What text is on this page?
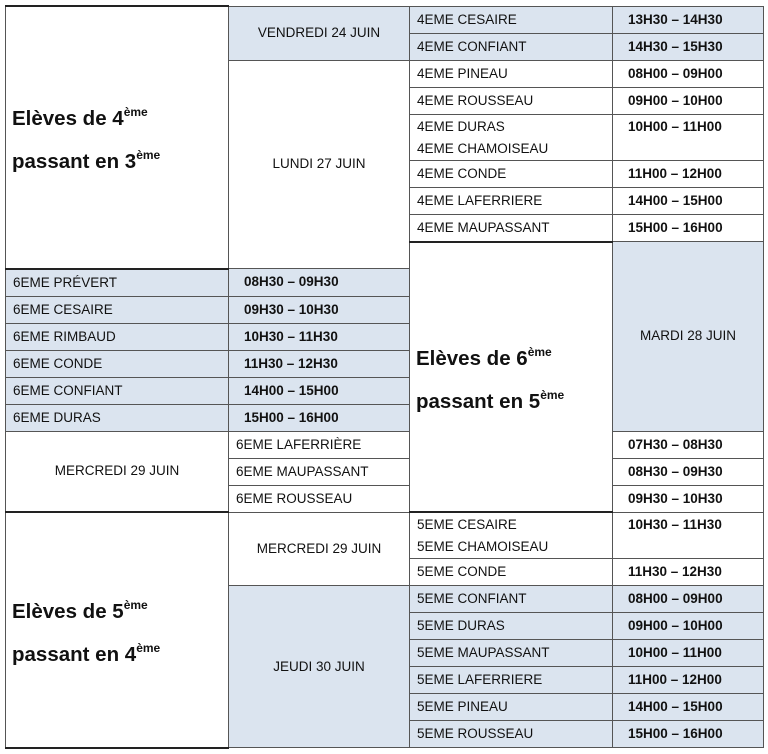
Elèves de 4ème
passant en 3ème	VENDREDI 24 JUIN	4EME CESAIRE	13H30 – 14H30	
		4EME CONFIANT	14H30 – 15H30	
	LUNDI 27 JUIN	4EME PINEAU	08H00 – 09H00	
		4EME ROUSSEAU	09H00 – 10H00	
		4EME DURAS
4EME CHAMOISEAU	10H00 – 11H00	
		4EME CONDE	11H00 – 12H00	
		4EME LAFERRIERE	14H00 – 15H00	
		4EME MAUPASSANT	15H00 – 16H00	
		Elèves de 6ème
passant en 5ème	MARDI 28 JUIN		
6EME PRÉVERT	08H30 – 09H30			
6EME CESAIRE	09H30 – 10H30			
6EME RIMBAUD	10H30 – 11H30			
6EME CONDE	11H30 – 12H30			
6EME CONFIANT	14H00 – 15H00			
6EME DURAS	15H00 – 16H00			
MERCREDI 29 JUIN	6EME LAFERRIÈRE		07H30 – 08H30	
	6EME MAUPASSANT		08H30 – 09H30	
	6EME ROUSSEAU		09H30 – 10H30	
Elèves de 5ème
passant en 4ème	MERCREDI 29 JUIN	5EME CESAIRE
5EME CHAMOISEAU	10H30 – 11H30	
		5EME CONDE	11H30 – 12H30	
	JEUDI 30 JUIN	5EME CONFIANT	08H00 – 09H00	
		5EME DURAS	09H00 – 10H00	
		5EME MAUPASSANT	10H00 – 11H00	
		5EME LAFERRIERE	11H00 – 12H00	
		5EME PINEAU	14H00 – 15H00	
		5EME ROUSSEAU	15H00 – 16H00	
